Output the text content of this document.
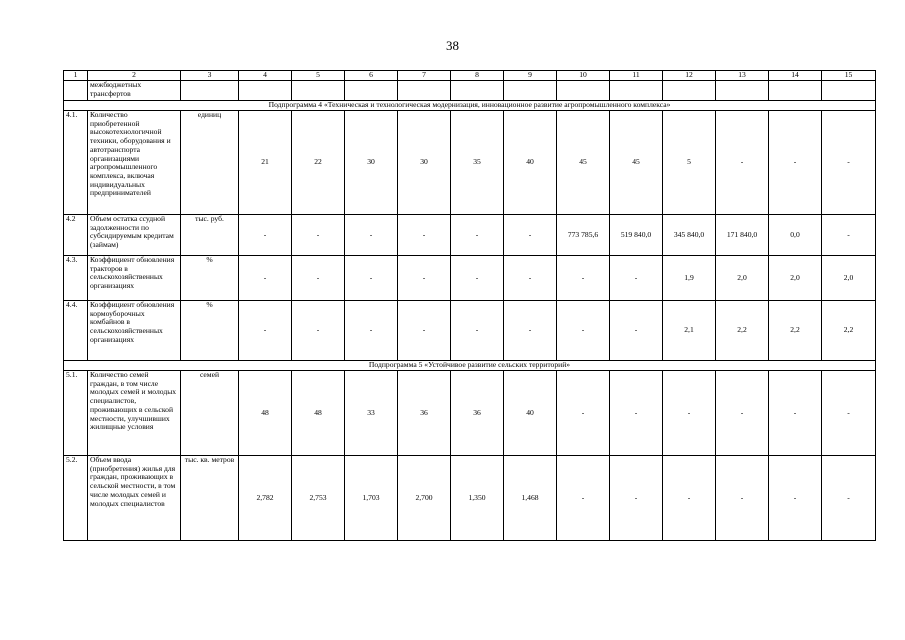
38
1	2	3	4	5	6	7	8	9	10	11	12	13	14	15
	межбюджетных трансфертов													
Подпрограмма 4 «Техническая и технологическая модернизация, инновационное развитие агропромышленного комплекса»														
4.1.	Количество приобретенной высокотехнологичной техники, оборудования и автотранспорта организациями агропромышленного комплекса, включая индивидуальных предпринимателей	единиц	21	22	30	30	35	40	45	45	5	-	-	-
4.2	Объем остатка ссудной задолженности по субсидируемым кредитам (займам)	тыс. руб.	-	-	-	-	-	-	773 785,6	519 840,0	345 840,0	171 840,0	0,0	-
4.3.	Коэффициент обновления тракторов в сельскохозяйственных организациях	%	-	-	-	-	-	-	-	-	1,9	2,0	2,0	2,0
4.4.	Коэффициент обновления кормоуборочных комбайнов в сельскохозяйственных организациях	%	-	-	-	-	-	-	-	-	2,1	2,2	2,2	2,2
Подпрограмма 5 «Устойчивое развитие сельских территорий»														
5.1.	Количество семей граждан, в том числе молодых семей и молодых специалистов, проживающих в сельской местности, улучшивших жилищные условия	семей	48	48	33	36	36	40	-	-	-	-	-	-
5.2.	Объем ввода (приобретения) жилья для граждан, проживающих в сельской местности, в том числе молодых семей и молодых специалистов	тыс. кв. метров	2,782	2,753	1,703	2,700	1,350	1,468	-	-	-	-	-	-
